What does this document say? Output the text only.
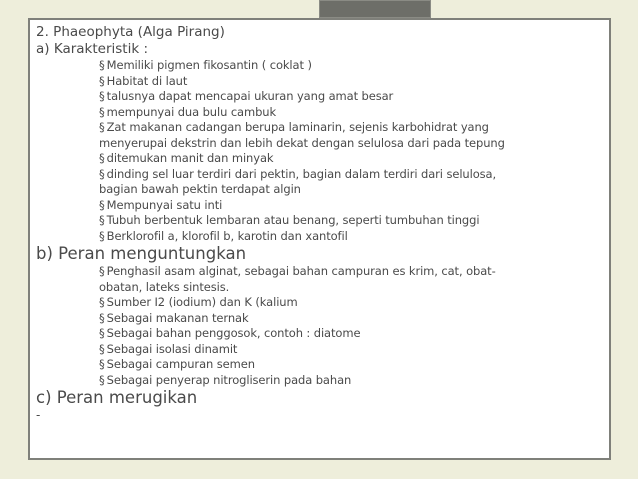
2. Phaeophyta (Alga Pirang)
a) Karakteristik :
§ Memiliki pigmen fikosantin ( coklat )
§ Habitat di laut
§ talusnya dapat mencapai ukuran yang amat besar
§ mempunyai dua bulu cambuk
§ Zat makanan cadangan berupa laminarin, sejenis karbohidrat yang
menyerupai dekstrin dan lebih dekat dengan selulosa dari pada tepung
§ ditemukan manit dan minyak
§ dinding sel luar terdiri dari pektin, bagian dalam terdiri dari selulosa,
bagian bawah pektin terdapat algin
§ Mempunyai satu inti
§ Tubuh berbentuk lembaran atau benang, seperti tumbuhan tinggi
§ Berklorofil a, klorofil b, karotin dan xantofil
b) Peran menguntungkan
§ Penghasil asam alginat, sebagai bahan campuran es krim, cat, obat-
obatan, lateks sintesis.
§ Sumber I2 (iodium) dan K (kalium
§ Sebagai makanan ternak
§ Sebagai bahan penggosok, contoh : diatome
§ Sebagai isolasi dinamit
§ Sebagai campuran semen
§ Sebagai penyerap nitrogliserin pada bahan
c) Peran merugikan
-
